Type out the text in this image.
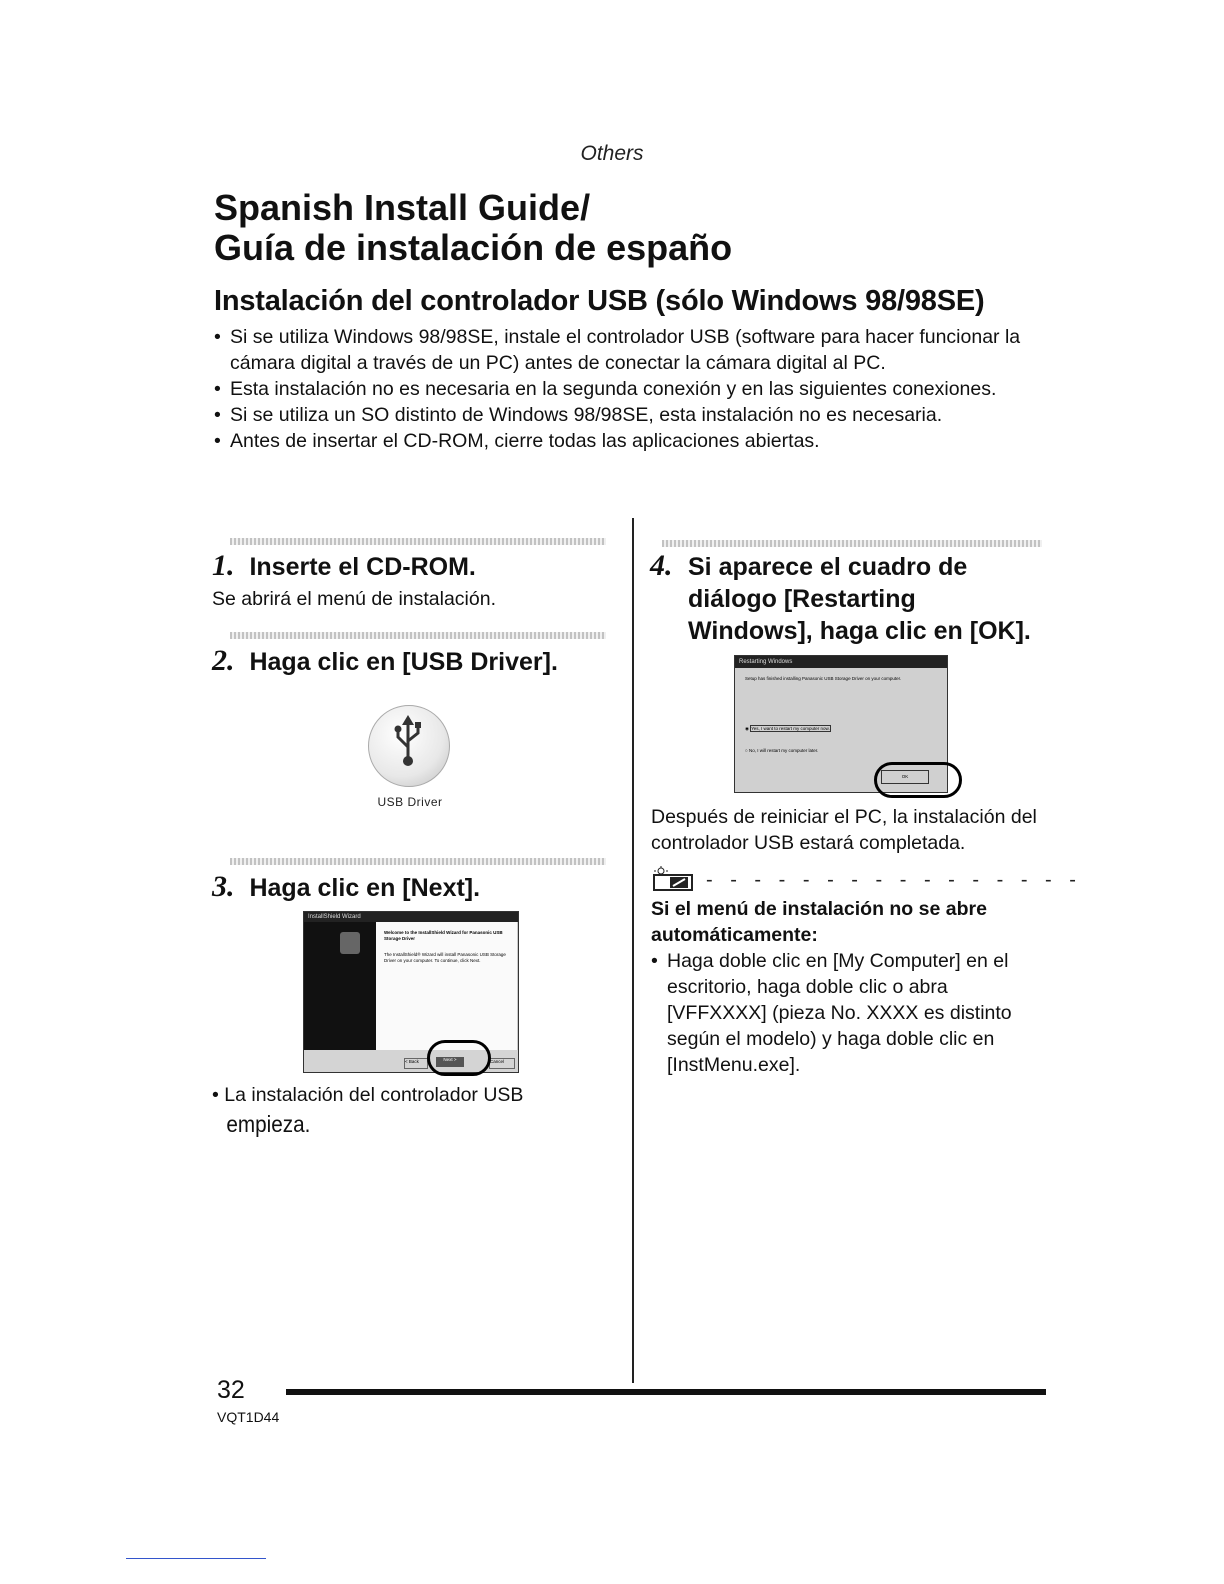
Others
Spanish Install Guide/
Guía de instalación de españo
Instalación del controlador USB (sólo Windows 98/98SE)
• Si se utiliza Windows 98/98SE, instale el controlador USB (software para hacer funcionar la cámara digital a través de un PC) antes de conectar la cámara digital al PC.
• Esta instalación no es necesaria en la segunda conexión y en las siguientes conexiones.
• Si se utiliza un SO distinto de Windows 98/98SE, esta instalación no es necesaria.
• Antes de insertar el CD-ROM, cierre todas las aplicaciones abiertas.
1. Inserte el CD-ROM.
Se abrirá el menú de instalación.
2. Haga clic en [USB Driver].
USB Driver
3. Haga clic en [Next].
InstallShield Wizard
Welcome to the InstallShield Wizard for Panasonic USB Storage Driver
The InstallShield® Wizard will install Panasonic USB Storage Driver on your computer. To continue, click Next.
< Back	Next >	Cancel
• La instalación del controlador USB
empieza.
4. Si aparece el cuadro de
diálogo [Restarting
Windows], haga clic en [OK].
Restarting Windows
Setup has finished installing Panasonic USB Storage Driver on your computer.
◉ Yes, I want to restart my computer now.
○ No, I will restart my computer later.
OK
Después de reiniciar el PC, la instalación del controlador USB estará completada.
- - - - - - - - - - - - - - - -
Si el menú de instalación no se abre
automáticamente:
• Haga doble clic en [My Computer] en el
escritorio, haga doble clic o abra
[VFFXXXX] (pieza No. XXXX es distinto
según el modelo) y haga doble clic en
[InstMenu.exe].
32
VQT1D44
